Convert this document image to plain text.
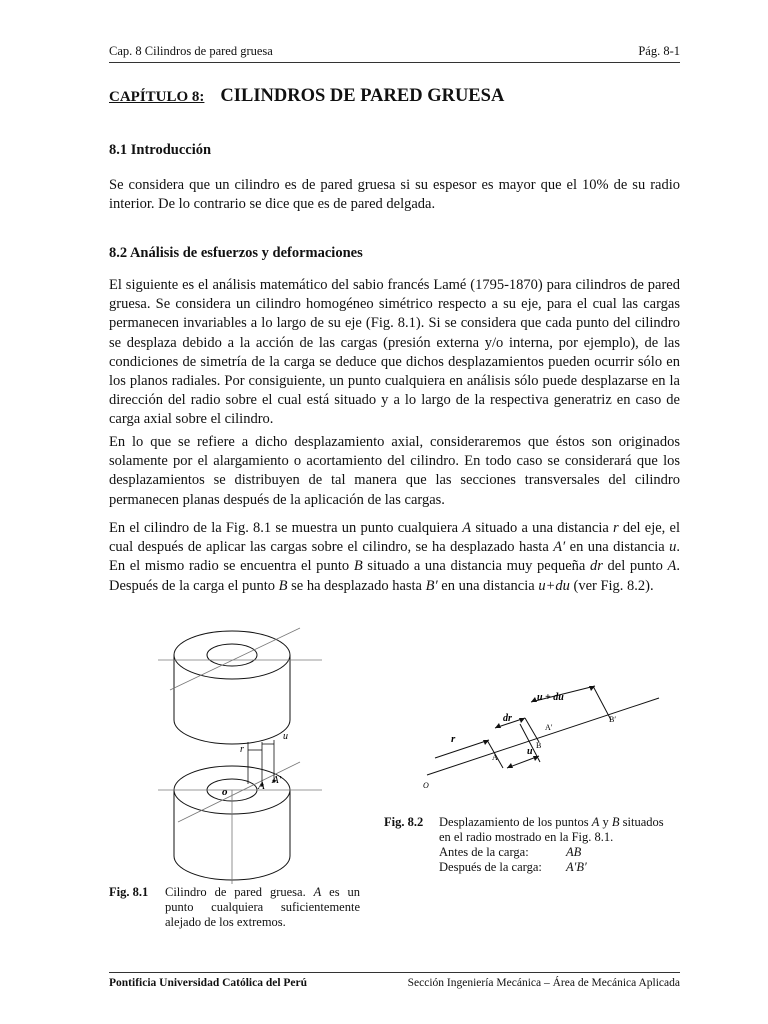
Cap. 8 Cilindros de pared gruesa	Pág. 8-1
CAPÍTULO 8: CILINDROS DE PARED GRUESA
8.1 Introducción
Se considera que un cilindro es de pared gruesa si su espesor es mayor que el 10% de su radio interior. De lo contrario se dice que es de pared delgada.
8.2 Análisis de esfuerzos y deformaciones
El siguiente es el análisis matemático del sabio francés Lamé (1795-1870) para cilindros de pared gruesa. Se considera un cilindro homogéneo simétrico respecto a su eje, para el cual las cargas permanecen invariables a lo largo de su eje (Fig. 8.1). Si se considera que cada punto del cilindro se desplaza debido a la acción de las cargas (presión externa y/o interna, por ejemplo), de las condiciones de simetría de la carga se deduce que dichos desplazamientos pueden ocurrir sólo en los planos radiales. Por consiguiente, un punto cualquiera en análisis sólo puede desplazarse en la dirección del radio sobre el cual está situado y a lo largo de la respectiva generatriz en caso de carga axial sobre el cilindro.
En lo que se refiere a dicho desplazamiento axial, consideraremos que éstos son originados solamente por el alargamiento o acortamiento del cilindro. En todo caso se considerará que los desplazamientos se distribuyen de tal manera que las secciones transversales del cilindro permanecen planas después de la aplicación de las cargas.
En el cilindro de la Fig. 8.1 se muestra un punto cualquiera A situado a una distancia r del eje, el cual después de aplicar las cargas sobre el cilindro, se ha desplazado hasta A′ en una distancia u. En el mismo radio se encuentra el punto B situado a una distancia muy pequeña dr del punto A. Después de la carga el punto B se ha desplazado hasta B′ en una distancia u+du (ver Fig. 8.2).
r
u
A A′
o
Fig. 8.1 Cilindro de pared gruesa. A es un
punto cualquiera suficientemente
alejado de los extremos.
u + du
dr
r
u
A
A′
B
B′
O
Fig. 8.2 Desplazamiento de los puntos A y B situados
en el radio mostrado en la Fig. 8.1.
Antes de la carga:	AB
Después de la carga: A′B′
Pontificia Universidad Católica del Perú	Sección Ingeniería Mecánica – Área de Mecánica Aplicada
